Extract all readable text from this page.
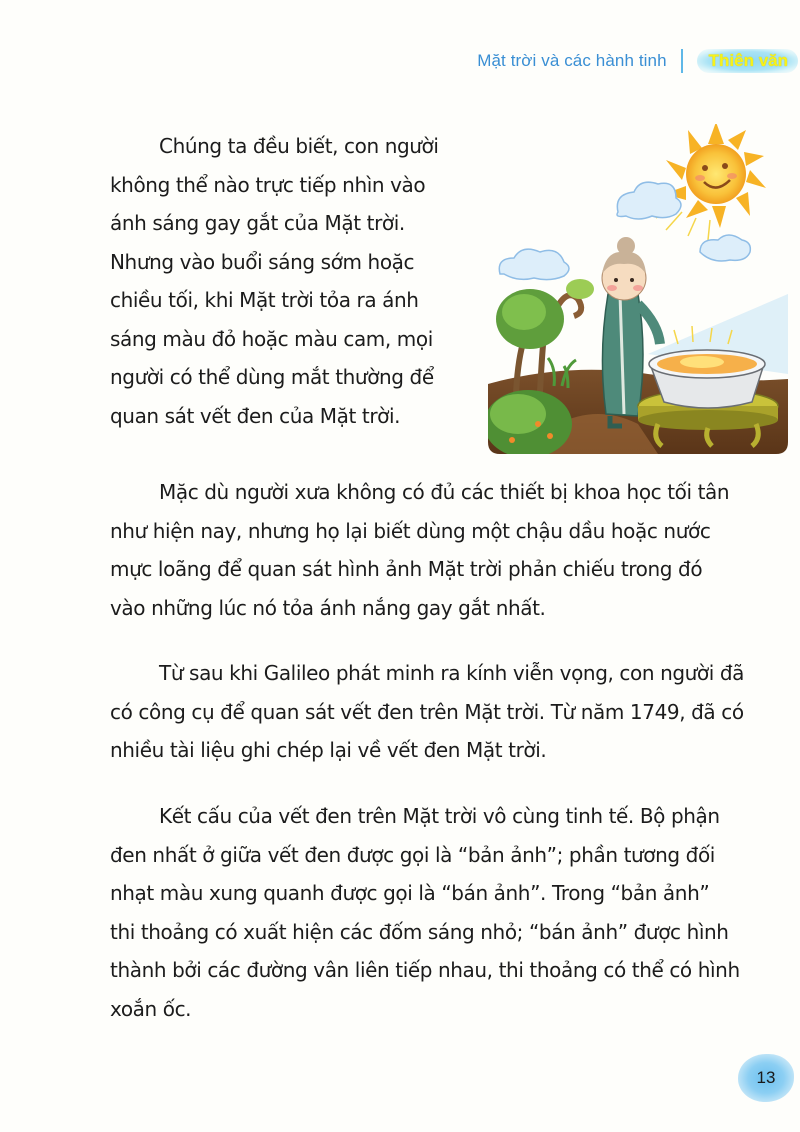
Mặt trời và các hành tinh	Thiên văn

Chúng ta đều biết, con người
không thể nào trực tiếp nhìn vào
ánh sáng gay gắt của Mặt trời.
Nhưng vào buổi sáng sớm hoặc
chiều tối, khi Mặt trời tỏa ra ánh
sáng màu đỏ hoặc màu cam, mọi
người có thể dùng mắt thường để
quan sát vết đen của Mặt trời.

Mặc dù người xưa không có đủ các thiết bị khoa học tối tân
như hiện nay, nhưng họ lại biết dùng một chậu dầu hoặc nước
mực loãng để quan sát hình ảnh Mặt trời phản chiếu trong đó
vào những lúc nó tỏa ánh nắng gay gắt nhất.

Từ sau khi Galileo phát minh ra kính viễn vọng, con người đã
có công cụ để quan sát vết đen trên Mặt trời. Từ năm 1749, đã có
nhiều tài liệu ghi chép lại về vết đen Mặt trời.

Kết cấu của vết đen trên Mặt trời vô cùng tinh tế. Bộ phận
đen nhất ở giữa vết đen được gọi là “bản ảnh”; phần tương đối
nhạt màu xung quanh được gọi là “bán ảnh”. Trong “bản ảnh”
thi thoảng có xuất hiện các đốm sáng nhỏ; “bán ảnh” được hình
thành bởi các đường vân liên tiếp nhau, thi thoảng có thể có hình
xoắn ốc.

13
